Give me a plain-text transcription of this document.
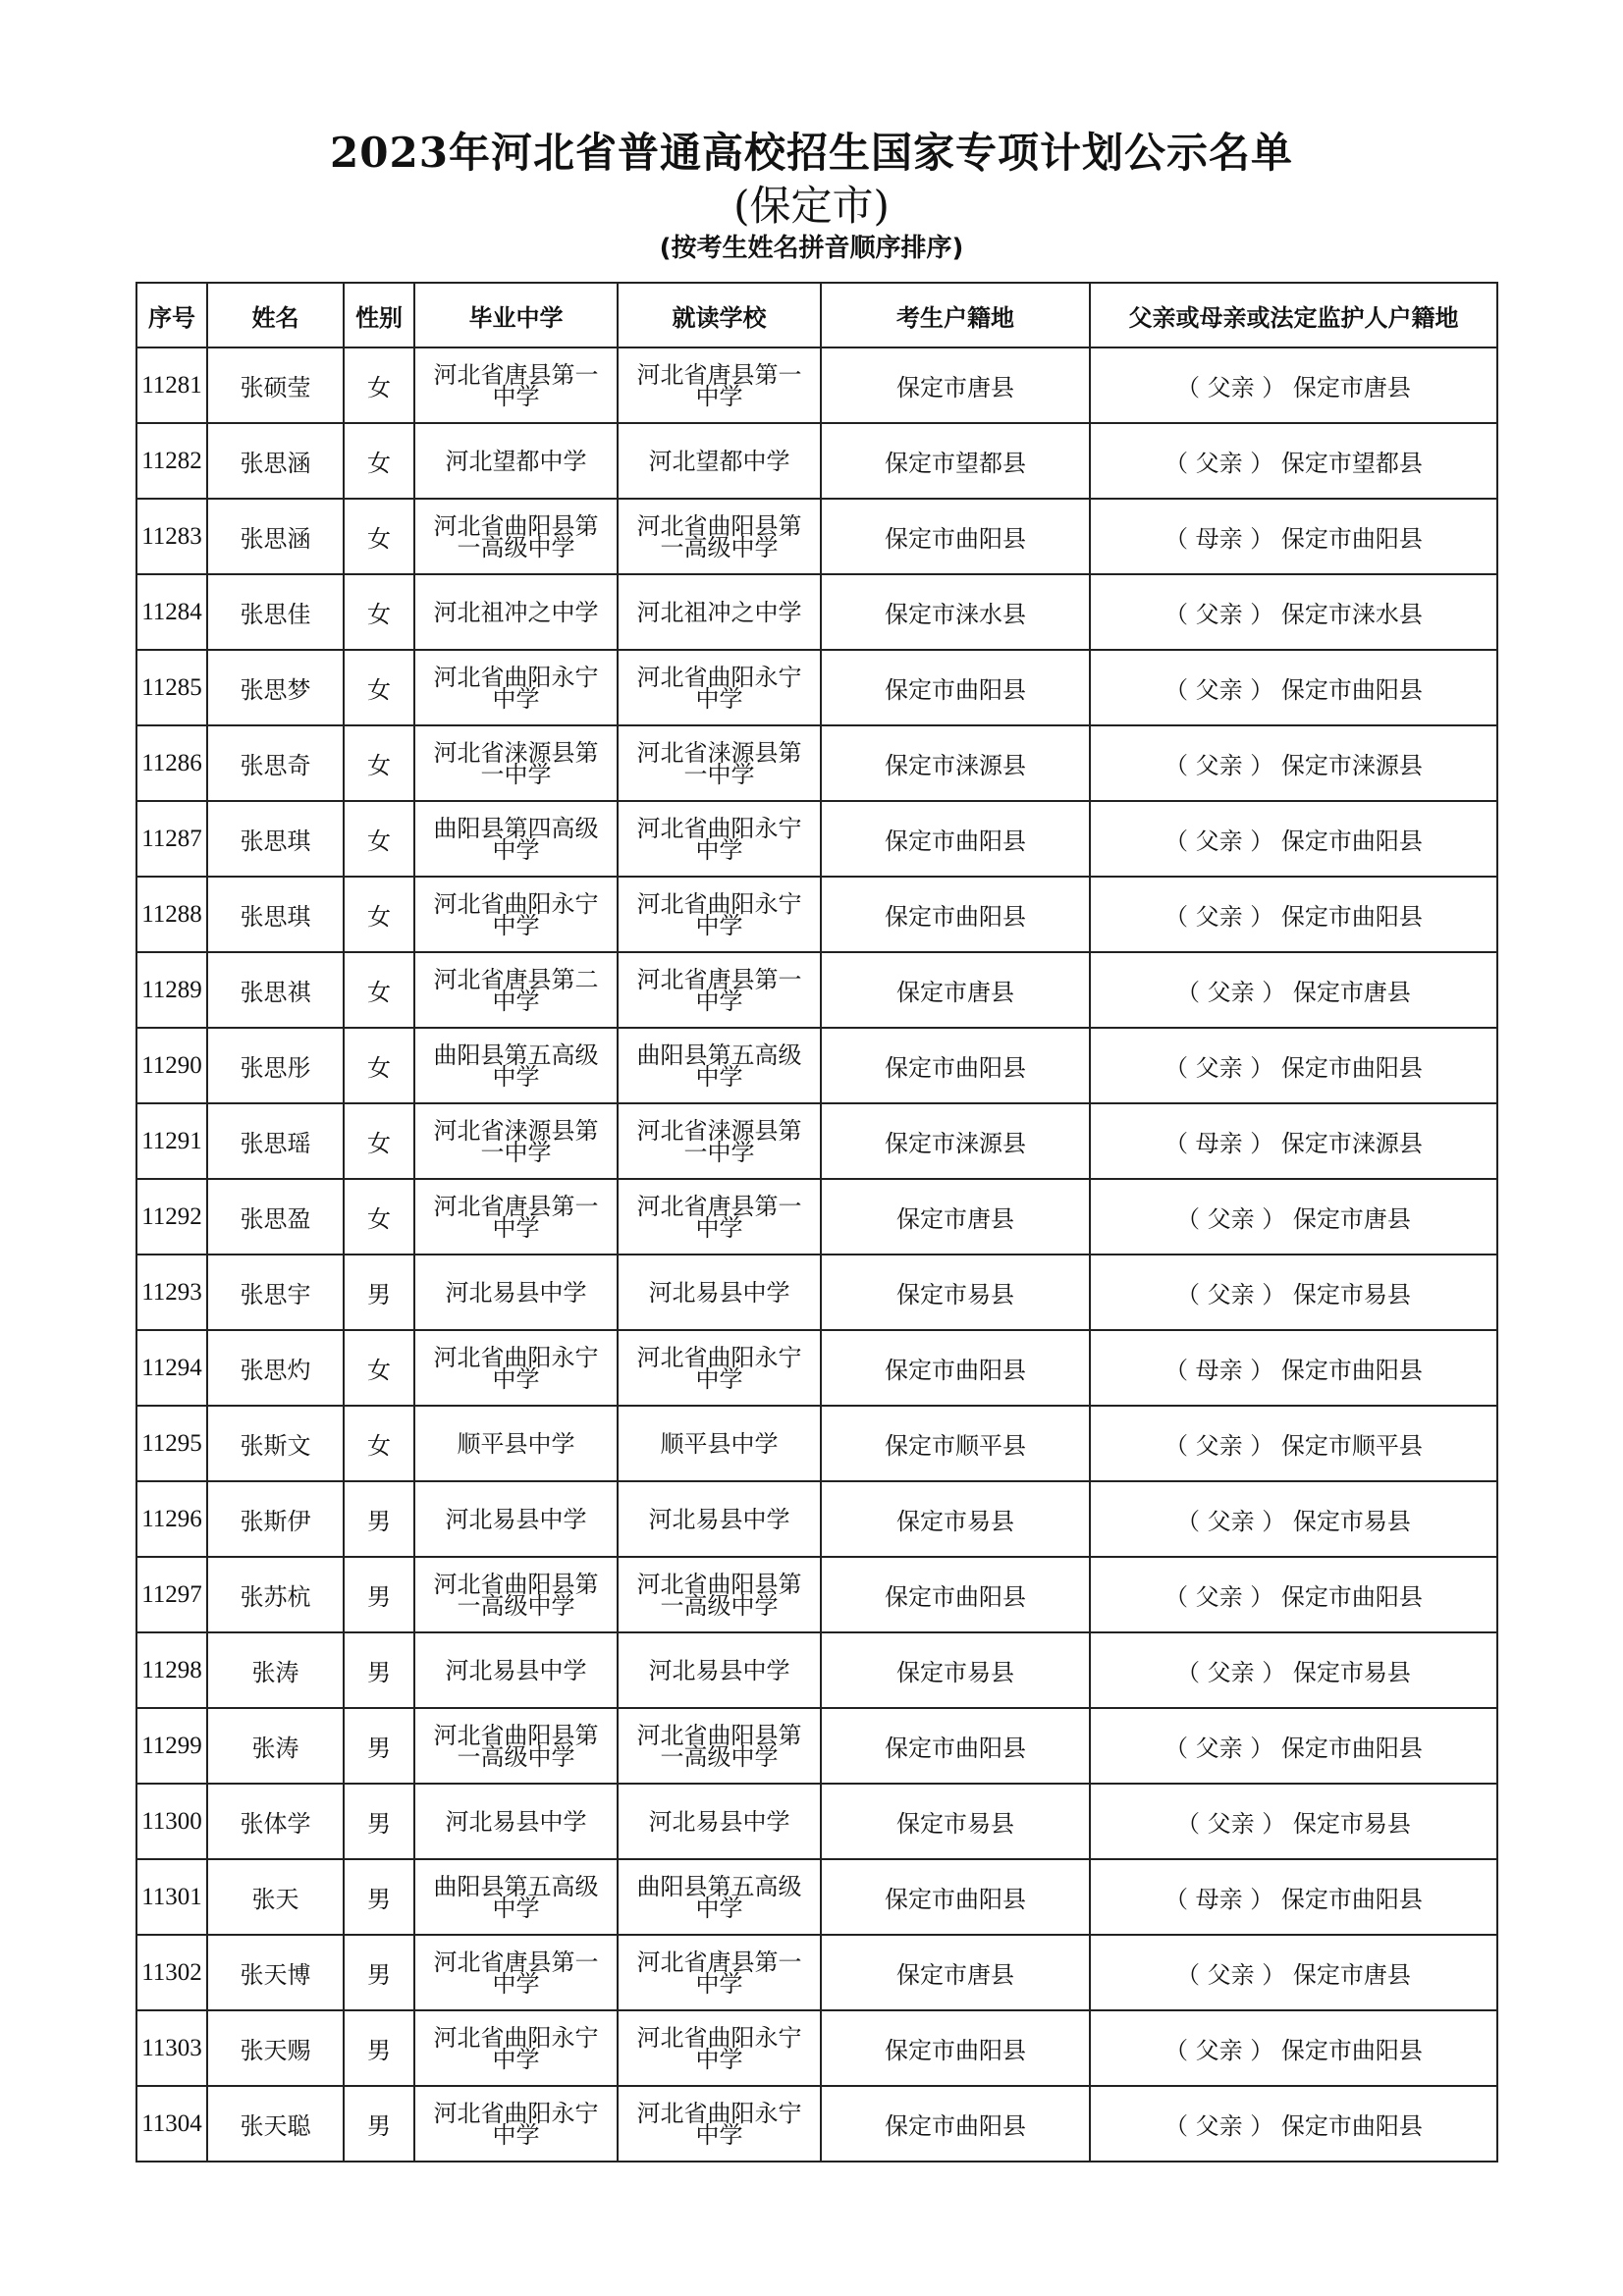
2023年河北省普通高校招生国家专项计划公示名单
(保定市)
(按考生姓名拼音顺序排序)
序号	姓名	性别	毕业中学	就读学校	考生户籍地	父亲或母亲或法定监护人户籍地
11281	张硕莹	女	河北省唐县第一中学	河北省唐县第一中学	保定市唐县	（ 父亲 ） 保定市唐县
11282	张思涵	女	河北望都中学	河北望都中学	保定市望都县	（ 父亲 ） 保定市望都县
11283	张思涵	女	河北省曲阳县第一高级中学	河北省曲阳县第一高级中学	保定市曲阳县	（ 母亲 ） 保定市曲阳县
11284	张思佳	女	河北祖冲之中学	河北祖冲之中学	保定市涞水县	（ 父亲 ） 保定市涞水县
11285	张思梦	女	河北省曲阳永宁中学	河北省曲阳永宁中学	保定市曲阳县	（ 父亲 ） 保定市曲阳县
11286	张思奇	女	河北省涞源县第一中学	河北省涞源县第一中学	保定市涞源县	（ 父亲 ） 保定市涞源县
11287	张思琪	女	曲阳县第四高级中学	河北省曲阳永宁中学	保定市曲阳县	（ 父亲 ） 保定市曲阳县
11288	张思琪	女	河北省曲阳永宁中学	河北省曲阳永宁中学	保定市曲阳县	（ 父亲 ） 保定市曲阳县
11289	张思祺	女	河北省唐县第二中学	河北省唐县第一中学	保定市唐县	（ 父亲 ） 保定市唐县
11290	张思彤	女	曲阳县第五高级中学	曲阳县第五高级中学	保定市曲阳县	（ 父亲 ） 保定市曲阳县
11291	张思瑶	女	河北省涞源县第一中学	河北省涞源县第一中学	保定市涞源县	（ 母亲 ） 保定市涞源县
11292	张思盈	女	河北省唐县第一中学	河北省唐县第一中学	保定市唐县	（ 父亲 ） 保定市唐县
11293	张思宇	男	河北易县中学	河北易县中学	保定市易县	（ 父亲 ） 保定市易县
11294	张思灼	女	河北省曲阳永宁中学	河北省曲阳永宁中学	保定市曲阳县	（ 母亲 ） 保定市曲阳县
11295	张斯文	女	顺平县中学	顺平县中学	保定市顺平县	（ 父亲 ） 保定市顺平县
11296	张斯伊	男	河北易县中学	河北易县中学	保定市易县	（ 父亲 ） 保定市易县
11297	张苏杭	男	河北省曲阳县第一高级中学	河北省曲阳县第一高级中学	保定市曲阳县	（ 父亲 ） 保定市曲阳县
11298	张涛	男	河北易县中学	河北易县中学	保定市易县	（ 父亲 ） 保定市易县
11299	张涛	男	河北省曲阳县第一高级中学	河北省曲阳县第一高级中学	保定市曲阳县	（ 父亲 ） 保定市曲阳县
11300	张体学	男	河北易县中学	河北易县中学	保定市易县	（ 父亲 ） 保定市易县
11301	张天	男	曲阳县第五高级中学	曲阳县第五高级中学	保定市曲阳县	（ 母亲 ） 保定市曲阳县
11302	张天博	男	河北省唐县第一中学	河北省唐县第一中学	保定市唐县	（ 父亲 ） 保定市唐县
11303	张天赐	男	河北省曲阳永宁中学	河北省曲阳永宁中学	保定市曲阳县	（ 父亲 ） 保定市曲阳县
11304	张天聪	男	河北省曲阳永宁中学	河北省曲阳永宁中学	保定市曲阳县	（ 父亲 ） 保定市曲阳县
